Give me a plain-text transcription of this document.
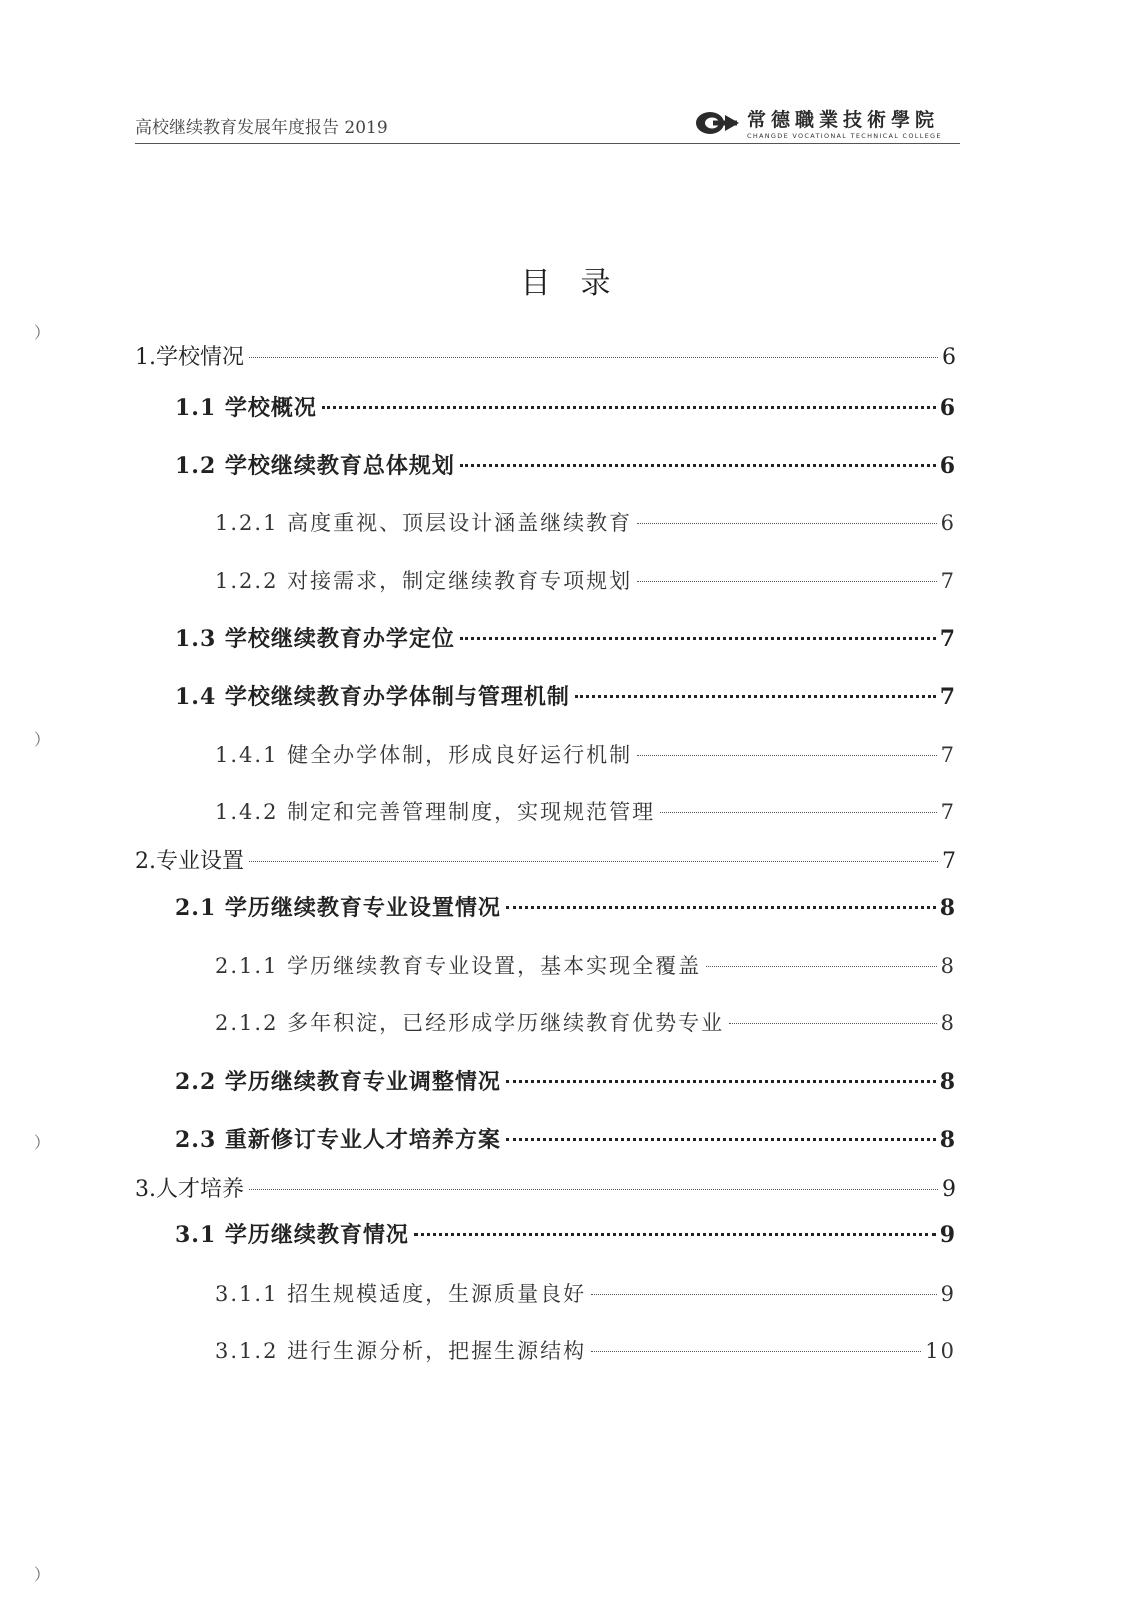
高校继续教育发展年度报告 2019	常德職業技術學院
CHANGDE VOCATIONAL TECHNICAL COLLEGE
目录
1.学校情况	6
1.1 学校概况	6
1.2 学校继续教育总体规划	6
1.2.1 高度重视、顶层设计涵盖继续教育	6
1.2.2 对接需求，制定继续教育专项规划	7
1.3 学校继续教育办学定位	7
1.4 学校继续教育办学体制与管理机制	7
1.4.1 健全办学体制，形成良好运行机制	7
1.4.2 制定和完善管理制度，实现规范管理	7
2.专业设置	7
2.1 学历继续教育专业设置情况	8
2.1.1 学历继续教育专业设置，基本实现全覆盖	8
2.1.2 多年积淀，已经形成学历继续教育优势专业	8
2.2 学历继续教育专业调整情况	8
2.3 重新修订专业人才培养方案	8
3.人才培养	9
3.1 学历继续教育情况	9
3.1.1 招生规模适度，生源质量良好	9
3.1.2 进行生源分析，把握生源结构	10
）
）
）
）
